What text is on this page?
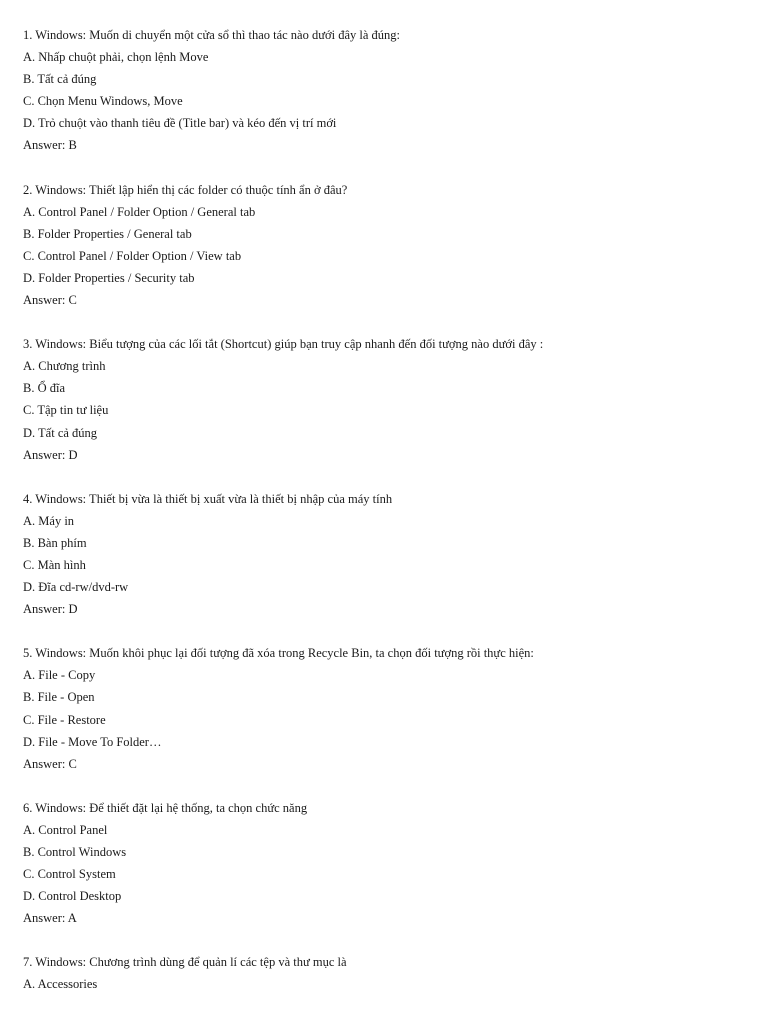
1. Windows: Muốn di chuyển một cửa sổ thì thao tác nào dưới đây là đúng:
A. Nhấp chuột phải, chọn lệnh Move
B. Tất cả đúng
C. Chọn Menu Windows, Move
D. Trỏ chuột vào thanh tiêu đề (Title bar) và kéo đến vị trí mới
Answer: B
2. Windows: Thiết lập hiển thị các folder có thuộc tính ẩn ở đâu?
A. Control Panel / Folder Option / General tab
B. Folder Properties / General tab
C. Control Panel / Folder Option / View tab
D. Folder Properties / Security tab
Answer: C
3. Windows: Biểu tượng của các lối tắt (Shortcut) giúp bạn truy cập nhanh đến đối tượng nào dưới đây :
A. Chương trình
B. Ổ đĩa
C. Tập tin tư liệu
D. Tất cả đúng
Answer: D
4. Windows: Thiết bị vừa là thiết bị xuất vừa là thiết bị nhập của máy tính
A. Máy in
B. Bàn phím
C. Màn hình
D. Đĩa cd-rw/dvd-rw
Answer: D
5. Windows: Muốn khôi phục lại đối tượng đã xóa trong Recycle Bin, ta chọn đối tượng rồi thực hiện:
A. File - Copy
B. File - Open
C. File - Restore
D. File - Move To Folder…
Answer: C
6. Windows: Để thiết đặt lại hệ thống, ta chọn chức năng
A. Control Panel
B. Control Windows
C. Control System
D. Control Desktop
Answer: A
7. Windows: Chương trình dùng để quản lí các tệp và thư mục là
A. Accessories
